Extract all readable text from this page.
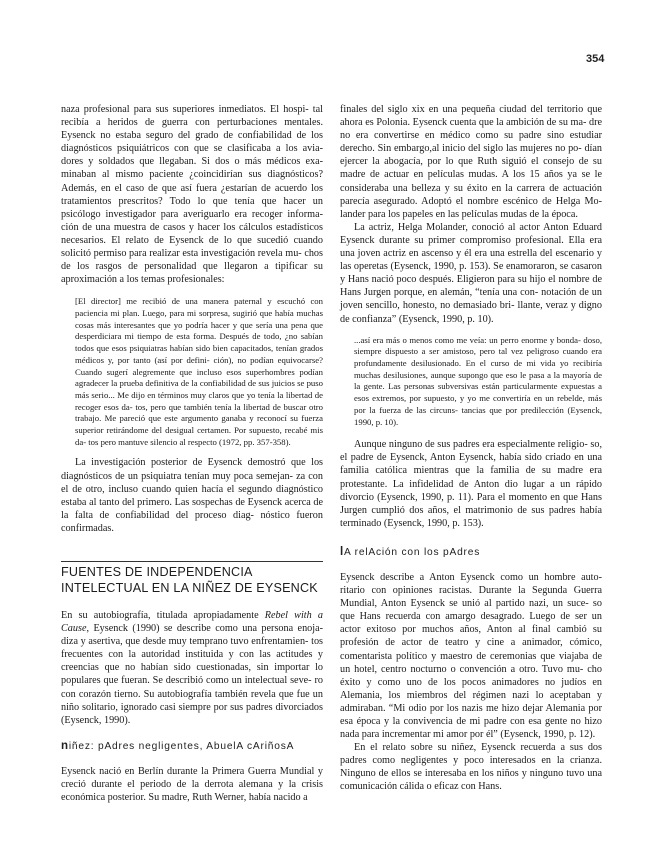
354

naza profesional para sus superiores inmediatos. El hospi- tal recibía a heridos de guerra con perturbaciones mentales. Eysenck no estaba seguro del grado de confiabilidad de los diagnósticos psiquiátricos con que se clasificaba a los avia- dores y soldados que llegaban. Si dos o más médicos exa- minaban al mismo paciente ¿coincidirían sus diagnósticos? Además, en el caso de que así fuera ¿estarían de acuerdo los tratamientos prescritos? Todo lo que tenía que hacer un psicólogo investigador para averiguarlo era recoger informa- ción de una muestra de casos y hacer los cálculos estadísticos necesarios. El relato de Eysenck de lo que sucedió cuando solicitó permiso para realizar esta investigación revela mu- chos de los rasgos de personalidad que llegaron a tipificar su aproximación a los temas profesionales:

[El director] me recibió de una manera paternal y escuchó con paciencia mi plan. Luego, para mi sorpresa, sugirió que había muchas cosas más interesantes que yo podría hacer y que sería una pena que desperdiciara mi tiempo de esta forma. Después de todo, ¿no sabían todos que esos psiquiatras habían sido bien capacitados, tenían grados médicos y, por tanto (así por defini- ción), no podían equivocarse? Cuando sugerí alegremente que incluso esos superhombres podían agradecer la prueba definitiva de la confiabilidad de sus juicios se puso más serio... Me dijo en términos muy claros que yo tenía la libertad de recoger esos da- tos, pero que también tenía la libertad de buscar otro trabajo. Me pareció que este argumento ganaba y reconocí su fuerza superior retirándome del desigual certamen. Por supuesto, recabé mis da- tos pero mantuve silencio al respecto (1972, pp. 357-358).

La investigación posterior de Eysenck demostró que los diagnósticos de un psiquiatra tenían muy poca semejan- za con el de otro, incluso cuando quien hacía el segundo diagnóstico estaba al tanto del primero. Las sospechas de Eysenck acerca de la falta de confiabilidad del proceso diag- nóstico fueron confirmadas.

FUENTES DE INDEPENDENCIA
INTELECTUAL EN LA NIÑEZ DE EYSENCK

En su autobiografía, titulada apropiadamente Rebel with a Cause, Eysenck (1990) se describe como una persona enoja- diza y asertiva, que desde muy temprano tuvo enfrentamien- tos frecuentes con la autoridad instituida y con las actitudes y creencias que no habían sido cuestionadas, sin importar lo populares que fueran. Se describió como un intelectual seve- ro con corazón tierno. Su autobiografía también revela que fue un niño solitario, ignorado casi siempre por sus padres divorciados (Eysenck, 1990).

niñez: pAdres negligentes, AbuelA cAriñosA

Eysenck nació en Berlín durante la Primera Guerra Mundial y creció durante el periodo de la derrota alemana y la crisis económica posterior. Su madre, Ruth Werner, había nacido a

finales del siglo xix en una pequeña ciudad del territorio que ahora es Polonia. Eysenck cuenta que la ambición de su ma- dre no era convertirse en médico como su padre sino estudiar derecho. Sin embargo,al inicio del siglo las mujeres no po- dían ejercer la abogacía, por lo que Ruth siguió el consejo de su madre de actuar en películas mudas. A los 15 años ya se le consideraba una belleza y su éxito en la carrera de actuación parecía asegurado. Adoptó el nombre escénico de Helga Mo- lander para los papeles en las películas mudas de la época.

La actriz, Helga Molander, conoció al actor Anton Eduard Eysenck durante su primer compromiso profesional. Ella era una joven actriz en ascenso y él era una estrella del escenario y las operetas (Eysenck, 1990, p. 153). Se enamoraron, se casaron y Hans nació poco después. Eligieron para su hijo el nombre de Hans Jurgen porque, en alemán, “tenía una con- notación de un joven sencillo, honesto, no demasiado bri- llante, veraz y digno de confianza” (Eysenck, 1990, p. 10).

...así era más o menos como me veía: un perro enorme y bonda- doso, siempre dispuesto a ser amistoso, pero tal vez peligroso cuando era profundamente desilusionado. En el curso de mi vida yo recibiría muchas desilusiones, aunque supongo que eso le pasa a la mayoría de la gente. Las personas subversivas están particularmente expuestas a esos extremos, por supuesto, y yo me convertiría en un rebelde, más por la fuerza de las circuns- tancias que por predilección (Eysenck, 1990, p. 10).

Aunque ninguno de sus padres era especialmente religio- so, el padre de Eysenck, Anton Eysenck, había sido criado en una familia católica mientras que la familia de su madre era protestante. La infidelidad de Anton dio lugar a un rápido divorcio (Eysenck, 1990, p. 11). Para el momento en que Hans Jurgen cumplió dos años, el matrimonio de sus padres había terminado (Eysenck, 1990, p. 153).

lA relAción con los pAdres

Eysenck describe a Anton Eysenck como un hombre auto- ritario con opiniones racistas. Durante la Segunda Guerra Mundial, Anton Eysenck se unió al partido nazi, un suce- so que Hans recuerda con amargo desagrado. Luego de ser un actor exitoso por muchos años, Anton al final cambió su profesión de actor de teatro y cine a animador, cómico, comentarista político y maestro de ceremonias que viajaba de un hotel, centro nocturno o convención a otro. Tuvo mu- cho éxito y como uno de los pocos animadores no judíos en Alemania, los miembros del régimen nazi lo aceptaban y admiraban. “Mi odio por los nazis me hizo dejar Alemania por esa época y la convivencia de mi padre con esa gente no hizo nada para incrementar mi amor por él” (Eysenck, 1990, p. 12).

En el relato sobre su niñez, Eysenck recuerda a sus dos padres como negligentes y poco interesados en la crianza. Ninguno de ellos se interesaba en los niños y ninguno tuvo una comunicación cálida o eficaz con Hans.
